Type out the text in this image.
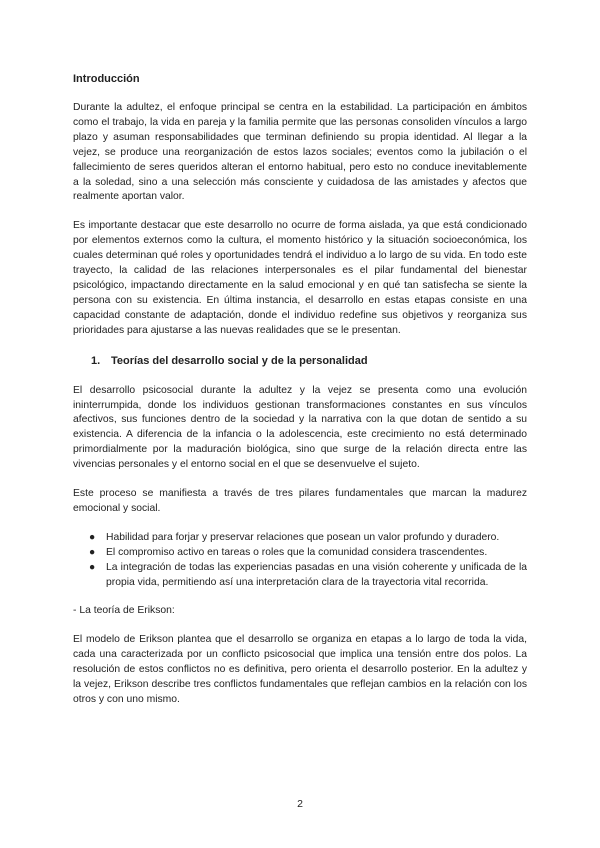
Introducción

Durante la adultez, el enfoque principal se centra en la estabilidad. La participación en ámbitos como el trabajo, la vida en pareja y la familia permite que las personas consoliden vínculos a largo plazo y asuman responsabilidades que terminan definiendo su propia identidad. Al llegar a la vejez, se produce una reorganización de estos lazos sociales; eventos como la jubilación o el fallecimiento de seres queridos alteran el entorno habitual, pero esto no conduce inevitablemente a la soledad, sino a una selección más consciente y cuidadosa de las amistades y afectos que realmente aportan valor.

Es importante destacar que este desarrollo no ocurre de forma aislada, ya que está condicionado por elementos externos como la cultura, el momento histórico y la situación socioeconómica, los cuales determinan qué roles y oportunidades tendrá el individuo a lo largo de su vida. En todo este trayecto, la calidad de las relaciones interpersonales es el pilar fundamental del bienestar psicológico, impactando directamente en la salud emocional y en qué tan satisfecha se siente la persona con su existencia. En última instancia, el desarrollo en estas etapas consiste en una capacidad constante de adaptación, donde el individuo redefine sus objetivos y reorganiza sus prioridades para ajustarse a las nuevas realidades que se le presentan.

1. Teorías del desarrollo social y de la personalidad

El desarrollo psicosocial durante la adultez y la vejez se presenta como una evolución ininterrumpida, donde los individuos gestionan transformaciones constantes en sus vínculos afectivos, sus funciones dentro de la sociedad y la narrativa con la que dotan de sentido a su existencia. A diferencia de la infancia o la adolescencia, este crecimiento no está determinado primordialmente por la maduración biológica, sino que surge de la relación directa entre las vivencias personales y el entorno social en el que se desenvuelve el sujeto.

Este proceso se manifiesta a través de tres pilares fundamentales que marcan la madurez emocional y social.

●	Habilidad para forjar y preservar relaciones que posean un valor profundo y duradero.
●	El compromiso activo en tareas o roles que la comunidad considera trascendentes.
●	La integración de todas las experiencias pasadas en una visión coherente y unificada de la propia vida, permitiendo así una interpretación clara de la trayectoria vital recorrida.

- La teoría de Erikson:

El modelo de Erikson plantea que el desarrollo se organiza en etapas a lo largo de toda la vida, cada una caracterizada por un conflicto psicosocial que implica una tensión entre dos polos. La resolución de estos conflictos no es definitiva, pero orienta el desarrollo posterior. En la adultez y la vejez, Erikson describe tres conflictos fundamentales que reflejan cambios en la relación con los otros y con uno mismo.

2
